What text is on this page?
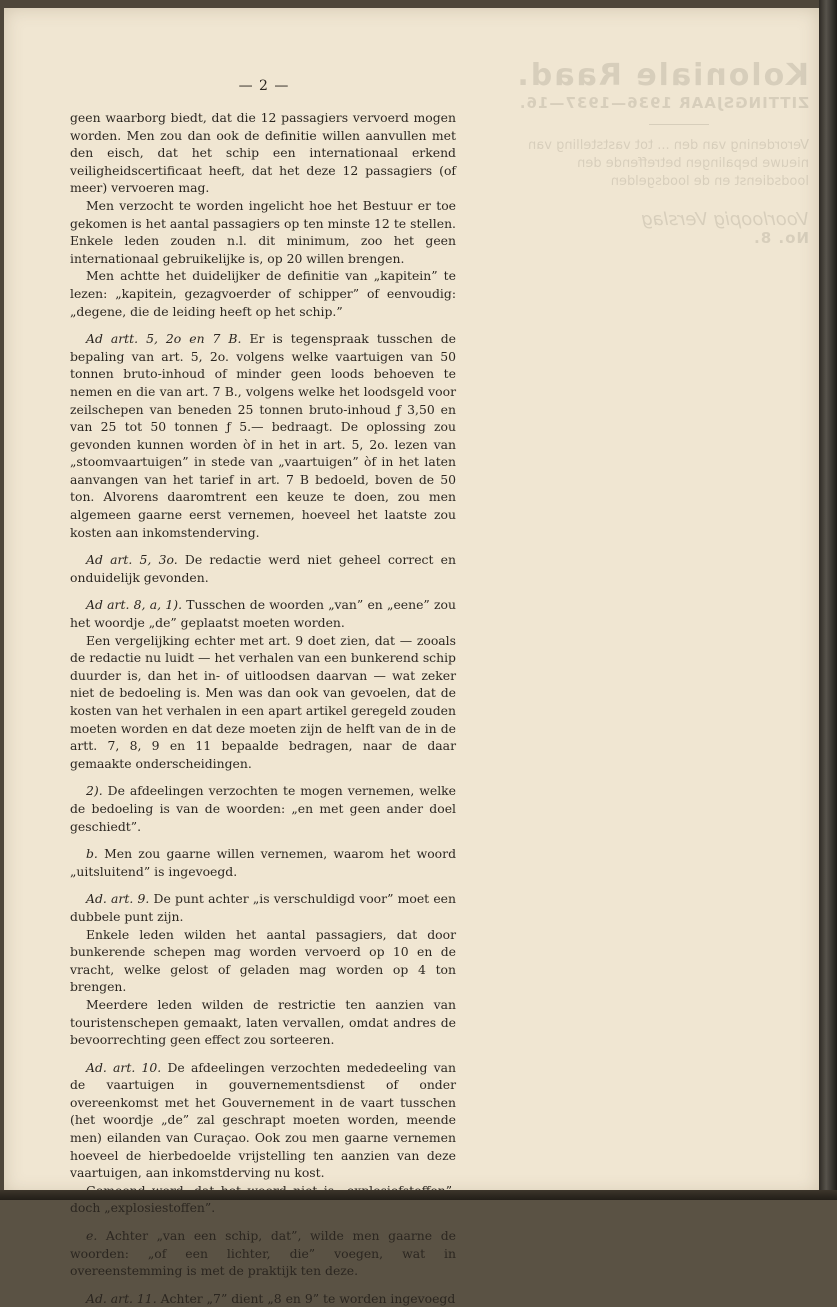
Koloniale Raad.
ZITTINGSJAAR 1936—1937—16.
Verordening van den ... tot vaststelling van nieuwe bepalingen betreffende den loodsdienst en de loodsgelden
Voorloopig Verslag
No. 8.
— 2 —

geen waarborg biedt, dat die 12 passagiers vervoerd mogen worden. Men zou dan ook de definitie willen aanvullen met den eisch, dat het schip een internationaal erkend veiligheidscertificaat heeft, dat het deze 12 passagiers (of meer) vervoeren mag.

Men verzocht te worden ingelicht hoe het Bestuur er toe gekomen is het aantal passagiers op ten minste 12 te stellen. Enkele leden zouden n.l. dit minimum, zoo het geen internationaal gebruikelijke is, op 20 willen brengen.

Men achtte het duidelijker de definitie van „kapitein” te lezen: „kapitein, gezagvoerder of schipper” of eenvoudig: „degene, die de leiding heeft op het schip.”

Ad artt. 5, 2o en 7 B. Er is tegenspraak tusschen de bepaling van art. 5, 2o. volgens welke vaartuigen van 50 tonnen bruto-inhoud of minder geen loods behoeven te nemen en die van art. 7 B., volgens welke het loodsgeld voor zeilschepen van beneden 25 tonnen bruto-inhoud ƒ 3,50 en van 25 tot 50 tonnen ƒ 5.— bedraagt. De oplossing zou gevonden kunnen worden òf in het in art. 5, 2o. lezen van „stoomvaartuigen” in stede van „vaartuigen” òf in het laten aanvangen van het tarief in art. 7 B bedoeld, boven de 50 ton. Alvorens daaromtrent een keuze te doen, zou men algemeen gaarne eerst vernemen, hoeveel het laatste zou kosten aan inkomstenderving.

Ad art. 5, 3o. De redactie werd niet geheel correct en onduidelijk gevonden.

Ad art. 8, a, 1). Tusschen de woorden „van” en „eene” zou het woordje „de” geplaatst moeten worden.

Een vergelijking echter met art. 9 doet zien, dat — zooals de redactie nu luidt — het verhalen van een bunkerend schip duurder is, dan het in- of uitloodsen daarvan — wat zeker niet de bedoeling is. Men was dan ook van gevoelen, dat de kosten van het verhalen in een apart artikel geregeld zouden moeten worden en dat deze moeten zijn de helft van de in de artt. 7, 8, 9 en 11 bepaalde bedragen, naar de daar gemaakte onderscheidingen.

2). De afdeelingen verzochten te mogen vernemen, welke de bedoeling is van de woorden: „en met geen ander doel geschiedt”.

b. Men zou gaarne willen vernemen, waarom het woord „uitsluitend” is ingevoegd.

Ad. art. 9. De punt achter „is verschuldigd voor” moet een dubbele punt zijn.

Enkele leden wilden het aantal passagiers, dat door bunkerende schepen mag worden vervoerd op 10 en de vracht, welke gelost of geladen mag worden op 4 ton brengen.

Meerdere leden wilden de restrictie ten aanzien van touristenschepen gemaakt, laten vervallen, omdat andres de bevoorrechting geen effect zou sorteeren.

Ad. art. 10. De afdeelingen verzochten mededeeling van de vaartuigen in gouvernementsdienst of onder overeenkomst met het Gouvernement in de vaart tusschen (het woordje „de” zal geschrapt moeten worden, meende men) eilanden van Curaçao. Ook zou men gaarne vernemen hoeveel de hierbedoelde vrijstelling ten aanzien van deze vaartuigen, aan inkomstderving nu kost.

doch „explosiestoffen”.

e. Achter „van een schip, dat”, wilde men gaarne de woorden: „of een lichter, die” voegen, wat in overeenstemming is met de praktijk ten deze.

Ad. art. 11. Achter „7” dient „8 en 9” te worden ingevoegd
